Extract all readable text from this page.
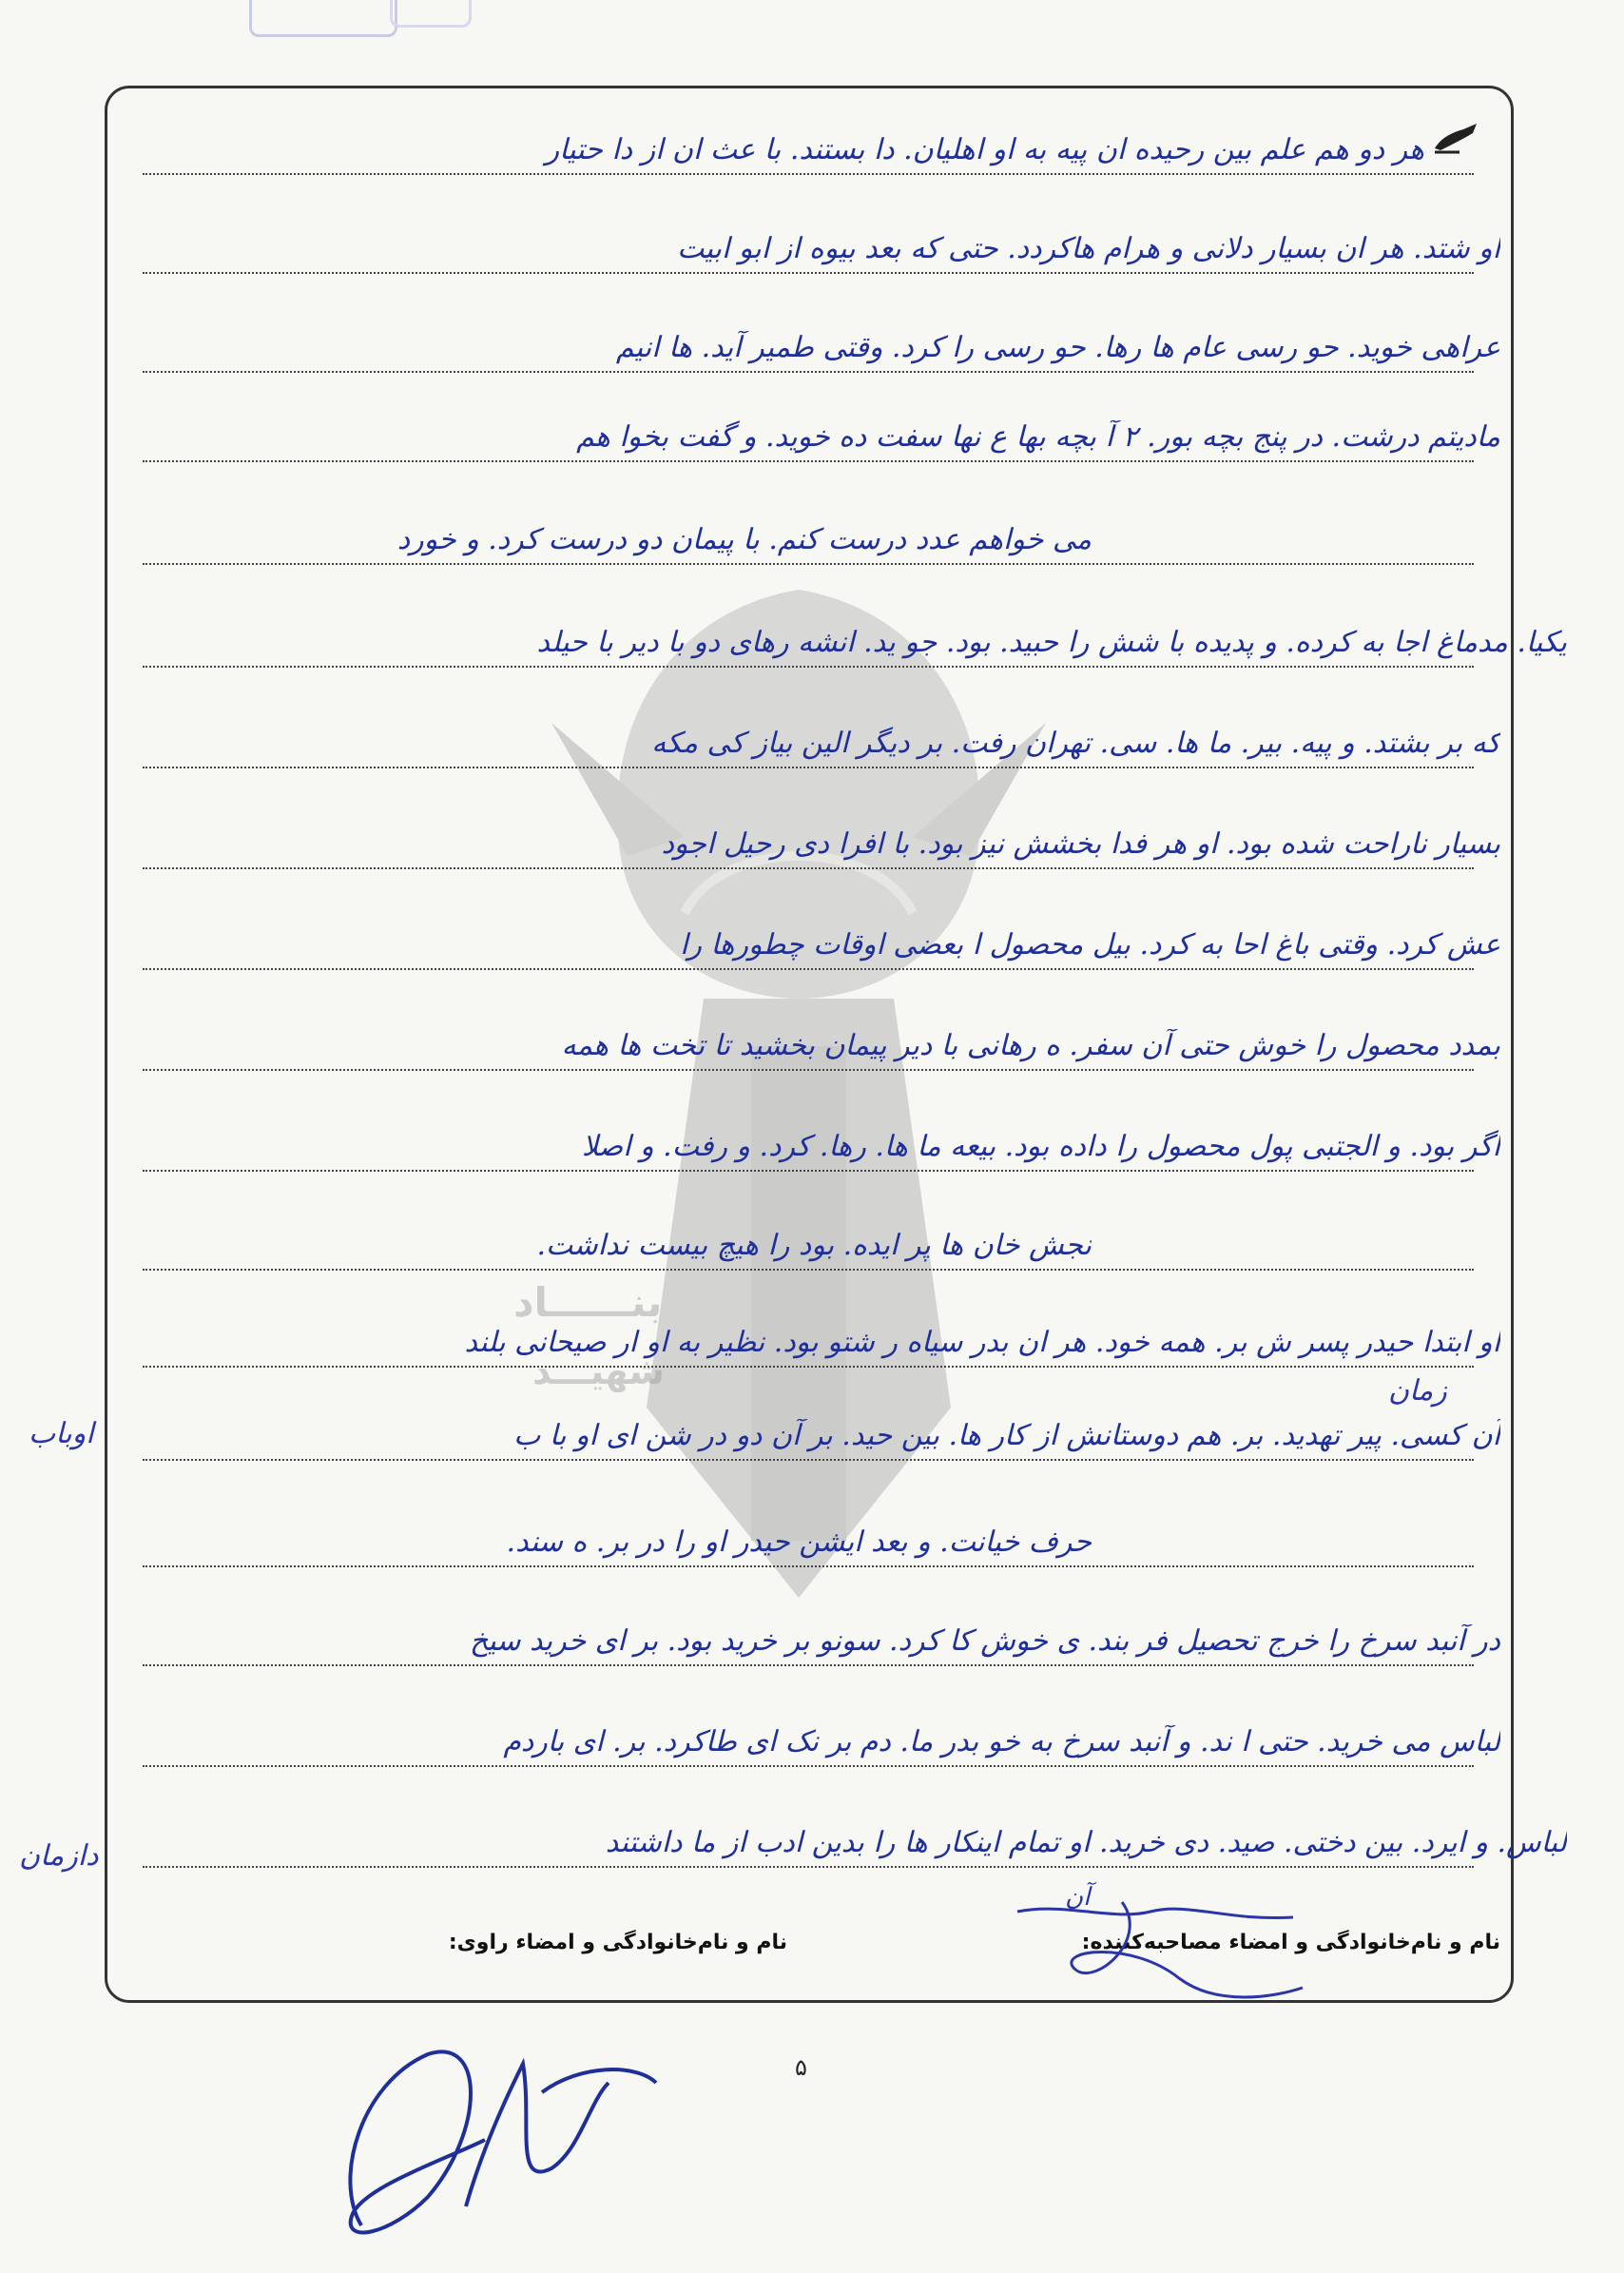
بنــــــاد
شهيـــد
هر دو هم علم بین رحیده ان پیه به او اهلیان. دا بستند. با عث ان از دا حتیار
او شتد. هر ان بسیار دلانی و هرام هاکردد. حتی که بعد بیوه از ابو ابیت
عراهی خوید. حو رسی عام ها رها. حو رسی را کرد. وقتی طمیر آید. ها انیم
مادیتم درشت. در پنج بچه بور. ۲ آ بچه بها ع نها سفت ده خوید. و گفت بخوا هم
می خواهم عدد درست کنم. با پیمان دو درست کرد. و خورد
یکیا. مدماغ اجا به کرده. و پدیده با شش را حبید. بود. جو ید. انشه رهای دو با دیر با حیلد
که بر بشتد. و پیه. بیر. ما ها. سی. تهران رفت. بر دیگر الین بیاز کی مکه
بسیار ناراحت شده بود. او هر فدا بخشش نیز بود. با افرا دی رحیل اجود
عش کرد. وقتی باغ احا به کرد. بیل محصول ا بعضی اوقات چطورها را
بمدد محصول را خوش حتی آن سفر. ه رهانی با دیر پیمان بخشید تا تخت ها همه
اگر بود. و الجتبی پول محصول را داده بود. بیعه ما ها. رها. کرد. و رفت. و اصلا
نجش خان ها پر ایده. بود را هیچ بیست نداشت.
او ابتدا حیدر پسر ش بر. همه خود. هر ان بدر سیاه ر شتو بود. نظیر به او ار صیحانی بلند
آن کسی. پیر تهدید. بر. هم دوستانش از کار ها. بین حید. بر آن دو در شن ای او با ب
حرف خیانت. و بعد ایشن حیدر او را در بر. ه سند.
در آنبد سرخ را خرج تحصیل فر بند. ی خوش کا کرد. سونو بر خرید بود. بر ای خرید سیخ
لباس می خرید. حتی ا ند. و آنبد سرخ به خو بدر ما. دم بر نک ای طاکرد. بر. ای باردم
لباس. و ایرد. بین دختی. صید. دی خرید. او تمام اینکار ها را بدین ادب از ما داشتند
زمان
اوباب
دازمان
آن
نام و نام‌خانوادگی و امضاء مصاحبه‌کننده:
نام و نام‌خانوادگی و امضاء راوی:
۵
